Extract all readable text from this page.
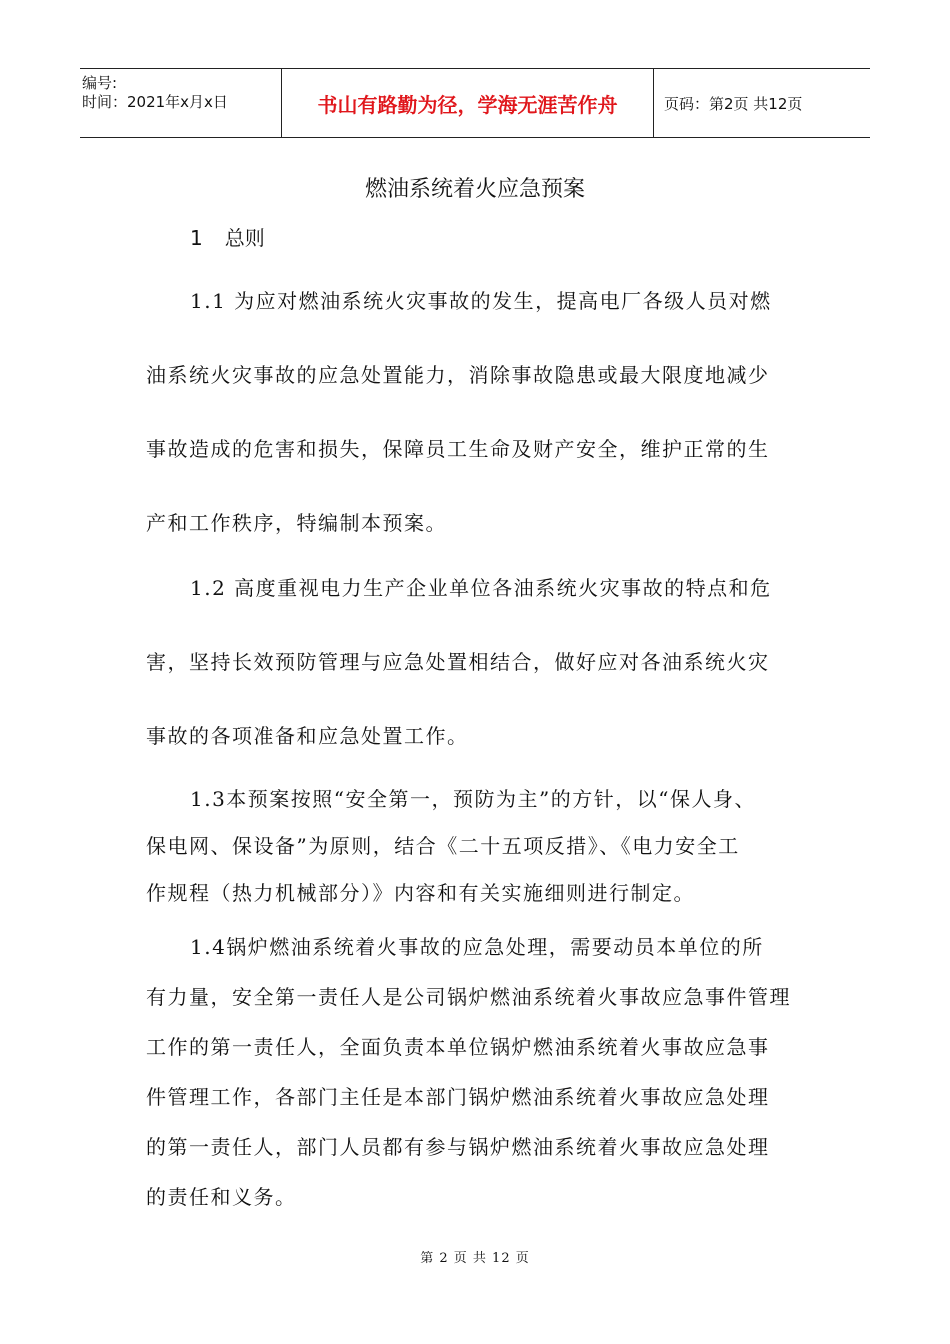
编号:
时间：2021年x月x日	书山有路勤为径，学海无涯苦作舟	页码：第2页 共12页
燃油系统着火应急预案
1 总则
1.1 为应对燃油系统火灾事故的发生，提高电厂各级人员对燃
油系统火灾事故的应急处置能力，消除事故隐患或最大限度地减少
事故造成的危害和损失，保障员工生命及财产安全，维护正常的生
产和工作秩序，特编制本预案。
1.2 高度重视电力生产企业单位各油系统火灾事故的特点和危
害，坚持长效预防管理与应急处置相结合，做好应对各油系统火灾
事故的各项准备和应急处置工作。
1.3本预案按照“安全第一，预防为主”的方针，以“保人身、
保电网、保设备”为原则，结合《二十五项反措》、《电力安全工
作规程（热力机械部分）》内容和有关实施细则进行制定。
1.4锅炉燃油系统着火事故的应急处理，需要动员本单位的所
有力量，安全第一责任人是公司锅炉燃油系统着火事故应急事件管理
工作的第一责任人，全面负责本单位锅炉燃油系统着火事故应急事
件管理工作，各部门主任是本部门锅炉燃油系统着火事故应急处理
的第一责任人，部门人员都有参与锅炉燃油系统着火事故应急处理
的责任和义务。
第 2 页 共 12 页
